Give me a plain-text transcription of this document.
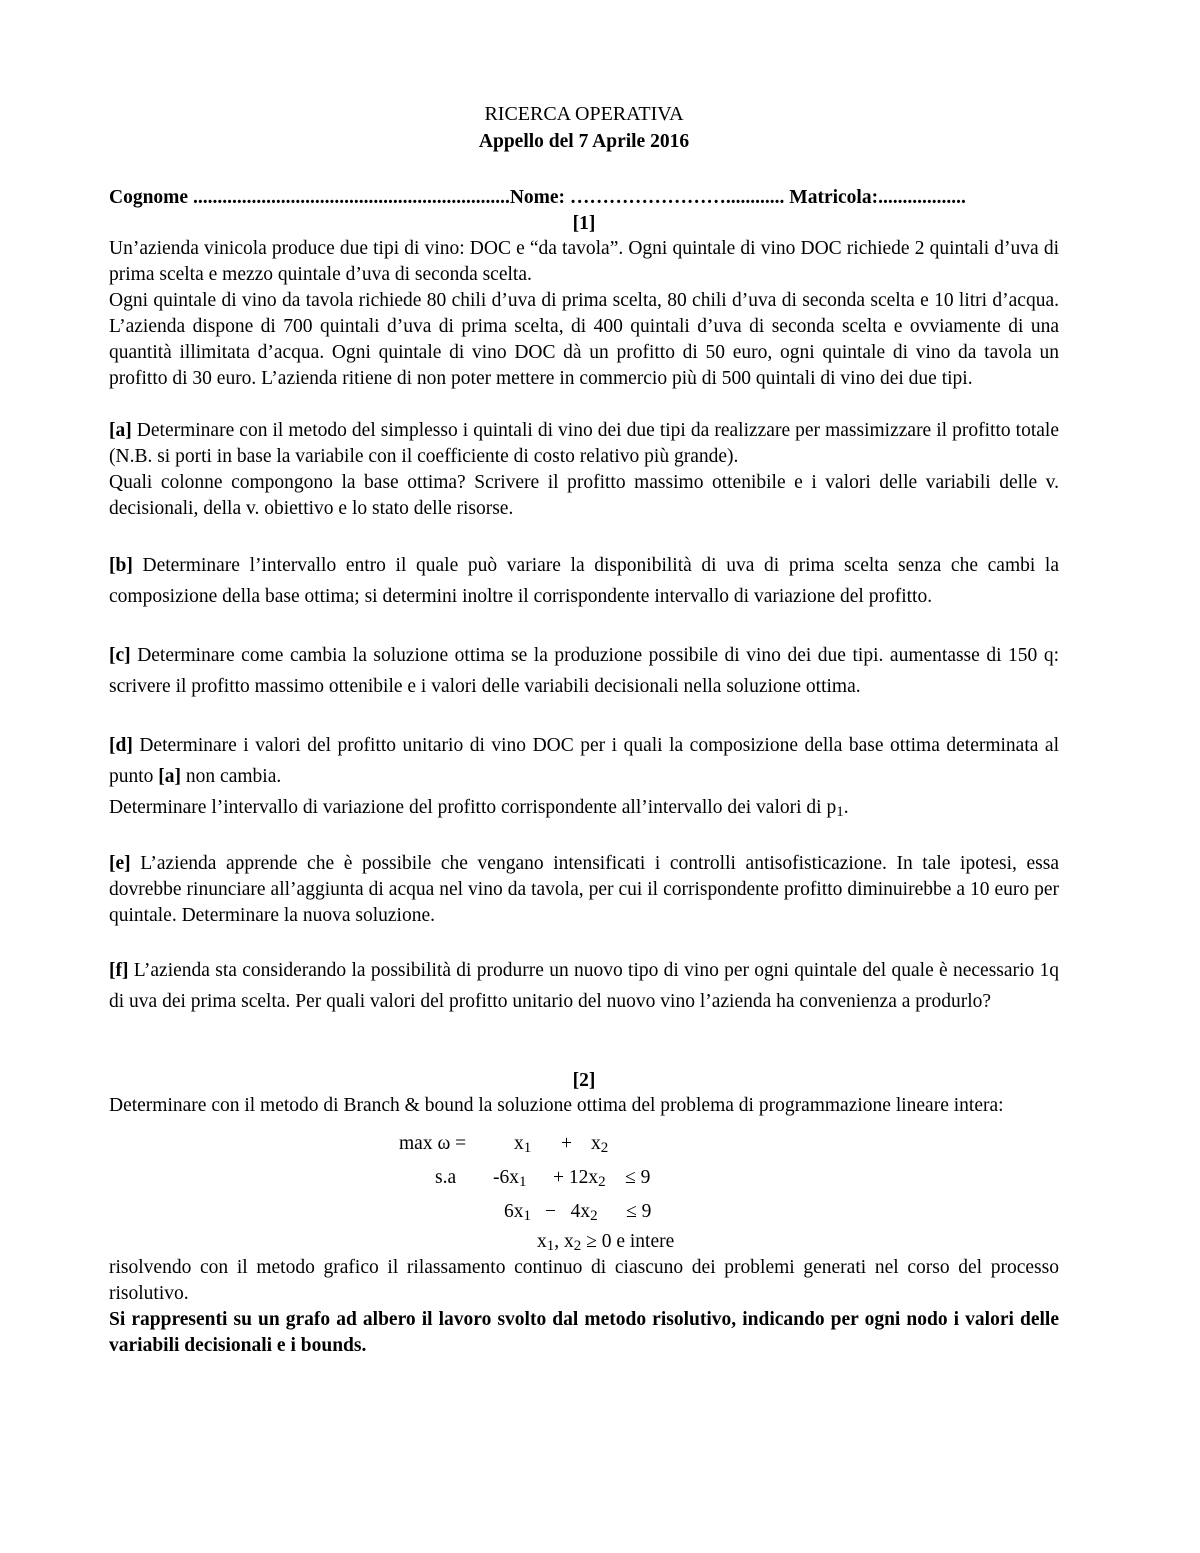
RICERCA OPERATIVA
Appello del 7 Aprile 2016
Cognome .................................................................Nome: ……………………............ Matricola:..................
[1]

Un’azienda vinicola produce due tipi di vino: DOC e “da tavola”. Ogni quintale di vino DOC richiede 2 quintali d’uva di prima scelta e mezzo quintale d’uva di seconda scelta.

Ogni quintale di vino da tavola richiede 80 chili d’uva di prima scelta, 80 chili d’uva di seconda scelta e 10 litri d’acqua. L’azienda dispone di 700 quintali d’uva di prima scelta, di 400 quintali d’uva di seconda scelta e ovviamente di una quantità illimitata d’acqua. Ogni quintale di vino DOC dà un profitto di 50 euro, ogni quintale di vino da tavola un profitto di 30 euro. L’azienda ritiene di non poter mettere in commercio più di 500 quintali di vino dei due tipi.

[a] Determinare con il metodo del simplesso i quintali di vino dei due tipi da realizzare per massimizzare il profitto totale (N.B. si porti in base la variabile con il coefficiente di costo relativo più grande).

Quali colonne compongono la base ottima? Scrivere il profitto massimo ottenibile e i valori delle variabili delle v. decisionali, della v. obiettivo e lo stato delle risorse.

[b] Determinare l’intervallo entro il quale può variare la disponibilità di uva di prima scelta senza che cambi la composizione della base ottima; si determini inoltre il corrispondente intervallo di variazione del profitto.

[c] Determinare come cambia la soluzione ottima se la produzione possibile di vino dei due tipi. aumentasse di 150 q: scrivere il profitto massimo ottenibile e i valori delle variabili decisionali nella soluzione ottima.

[d] Determinare i valori del profitto unitario di vino DOC per i quali la composizione della base ottima determinata al punto [a] non cambia.

Determinare l’intervallo di variazione del profitto corrispondente all’intervallo dei valori di $p_1$.

[e] L’azienda apprende che è possibile che vengano intensificati i controlli antisofisticazione. In tale ipotesi, essa dovrebbe rinunciare all’aggiunta di acqua nel vino da tavola, per cui il corrispondente profitto diminuirebbe a 10 euro per quintale. Determinare la nuova soluzione.

[f] L’azienda sta considerando la possibilità di produrre un nuovo tipo di vino per ogni quintale del quale è necessario 1q di uva dei prima scelta. Per quali valori del profitto unitario del nuovo vino l’azienda ha convenienza a produrlo?

[2]

Determinare con il metodo di Branch & bound la soluzione ottima del problema di programmazione lineare intera:

$\max \omega = x_1 + x_2$
s.a $-6x_1 + 12x_2 \le 9$
$6x_1 - 4x_2 \le 9$
$x_1$, $x_2 \ge 0$ e intere

risolvendo con il metodo grafico il rilassamento continuo di ciascuno dei problemi generati nel corso del processo risolutivo.

Si rappresenti su un grafo ad albero il lavoro svolto dal metodo risolutivo, indicando per ogni nodo i valori delle variabili decisionali e i bounds.
